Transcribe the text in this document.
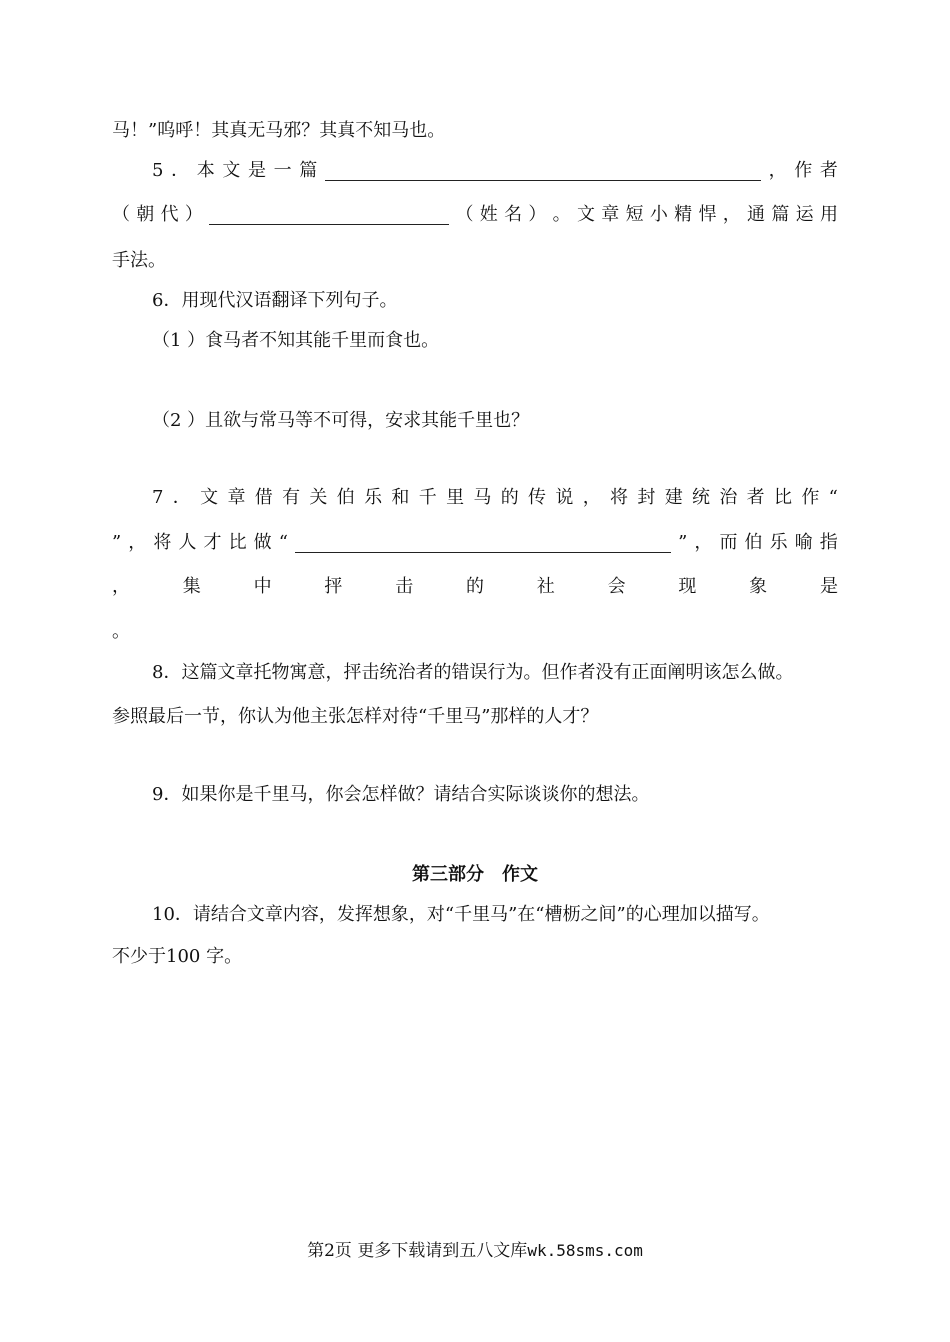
马！”呜呼！其真无马邪？其真不知马也。
5 ． 本 文 是 一 篇	， 作 者
（ 朝 代 ）	（ 姓 名 ） 。 文 章 短 小 精 悍 ， 通 篇 运 用
手法。
6．用现代汉语翻译下列句子。
（1 ）食马者不知其能千里而食也。
（2 ）且欲与常马等不可得，安求其能千里也？
7 ． 文 章 借 有 关 伯 乐 和 千 里 马 的 传 说 ， 将 封 建 统 治 者 比 作 “
” ， 将 人 才 比 做 “	” ， 而 伯 乐 喻 指
，	集	中	抨	击	的	社	会	现	象	是
。
8．这篇文章托物寓意，抨击统治者的错误行为。但作者没有正面阐明该怎么做。
参照最后一节，你认为他主张怎样对待“千里马”那样的人才？
9．如果你是千里马，你会怎样做？请结合实际谈谈你的想法。
第三部分　作文
10．请结合文章内容，发挥想象，对“千里马”在“槽枥之间”的心理加以描写。
不少于100 字。
第2页 更多下载请到五八文库wk.58sms.com
